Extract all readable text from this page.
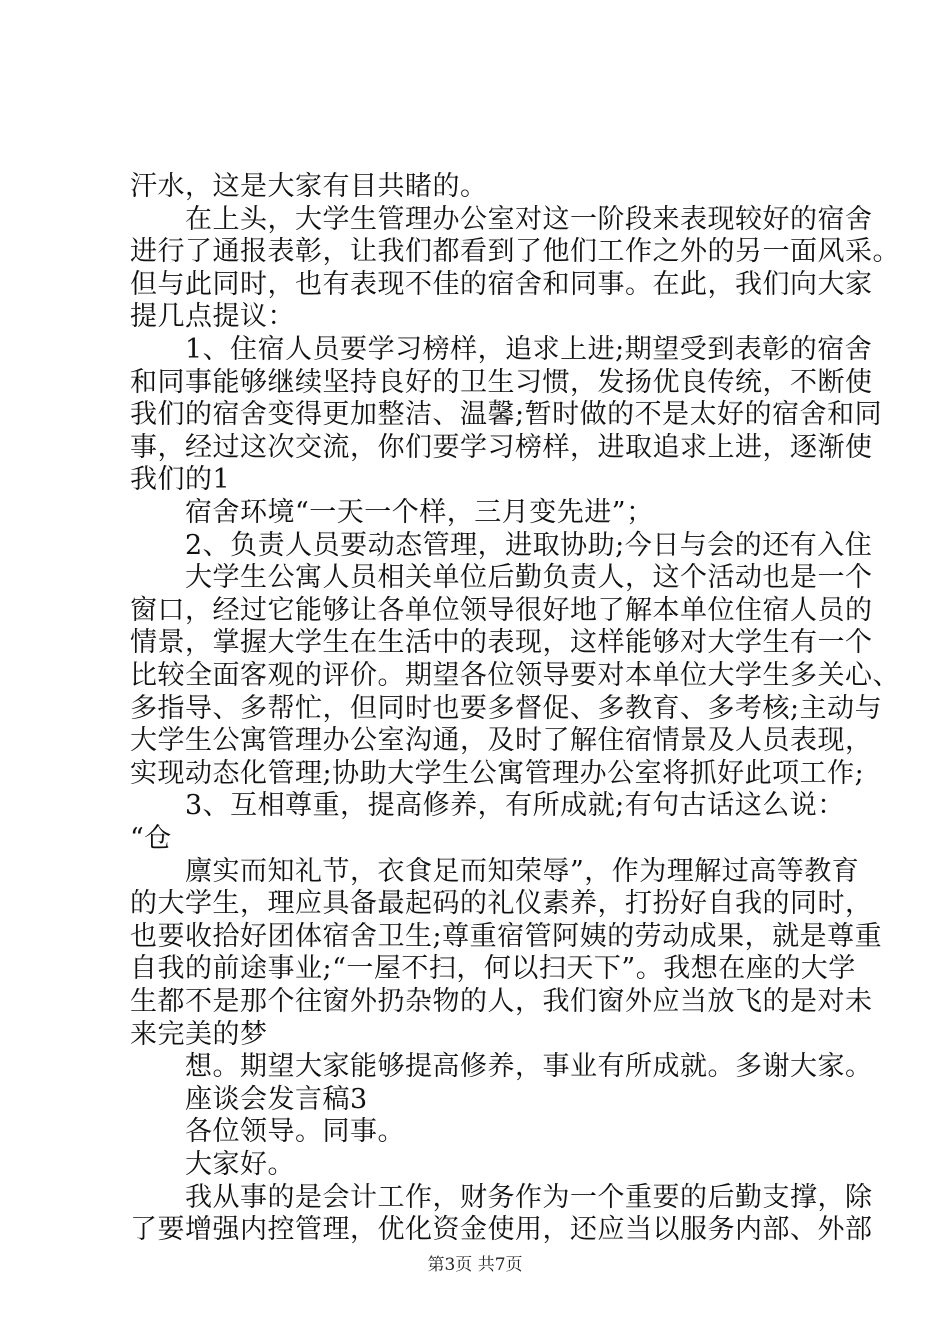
汗水，这是大家有目共睹的。
　　在上头，大学生管理办公室对这一阶段来表现较好的宿舍
进行了通报表彰，让我们都看到了他们工作之外的另一面风采。
但与此同时，也有表现不佳的宿舍和同事。在此，我们向大家
提几点提议：
　　1、住宿人员要学习榜样，追求上进;期望受到表彰的宿舍
和同事能够继续坚持良好的卫生习惯，发扬优良传统，不断使
我们的宿舍变得更加整洁、温馨;暂时做的不是太好的宿舍和同
事，经过这次交流，你们要学习榜样，进取追求上进，逐渐使
我们的1
　　宿舍环境“一天一个样，三月变先进”；
　　2、负责人员要动态管理，进取协助;今日与会的还有入住
　　大学生公寓人员相关单位后勤负责人，这个活动也是一个
窗口，经过它能够让各单位领导很好地了解本单位住宿人员的
情景，掌握大学生在生活中的表现，这样能够对大学生有一个
比较全面客观的评价。期望各位领导要对本单位大学生多关心、
多指导、多帮忙，但同时也要多督促、多教育、多考核;主动与
大学生公寓管理办公室沟通，及时了解住宿情景及人员表现，
实现动态化管理;协助大学生公寓管理办公室将抓好此项工作;
　　3、互相尊重，提高修养，有所成就;有句古话这么说：
“仓
　　廪实而知礼节，衣食足而知荣辱”，作为理解过高等教育
的大学生，理应具备最起码的礼仪素养，打扮好自我的同时，
也要收拾好团体宿舍卫生;尊重宿管阿姨的劳动成果，就是尊重
自我的前途事业;“一屋不扫，何以扫天下”。我想在座的大学
生都不是那个往窗外扔杂物的人，我们窗外应当放飞的是对未
来完美的梦
　　想。期望大家能够提高修养，事业有所成就。多谢大家。
　　座谈会发言稿3
　　各位领导。同事。
　　大家好。
　　我从事的是会计工作，财务作为一个重要的后勤支撑，除
了要增强内控管理，优化资金使用，还应当以服务内部、外部
第3页 共7页
